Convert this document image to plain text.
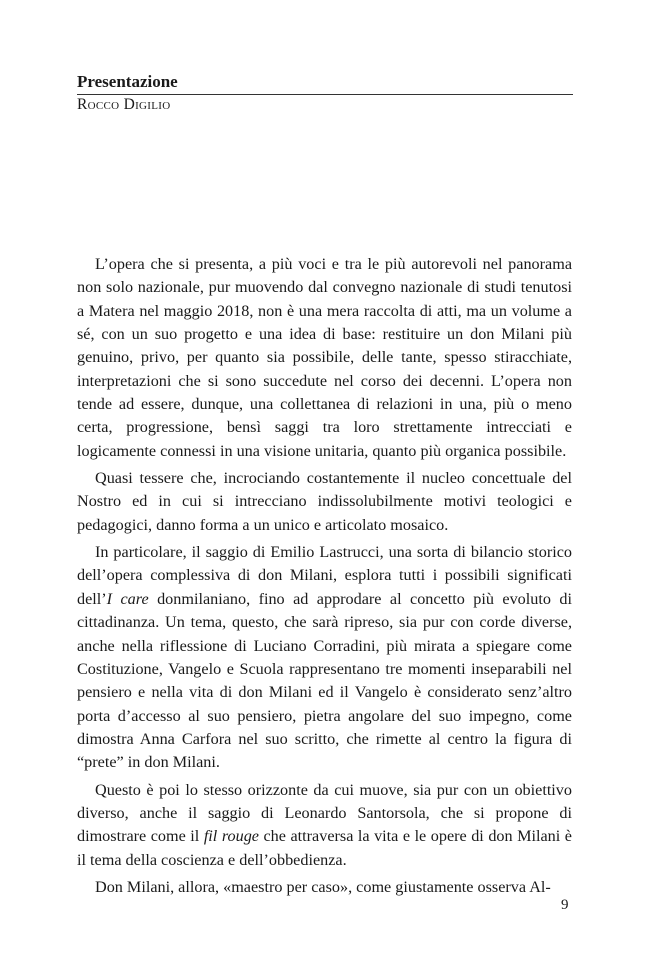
Presentazione
Rocco Digilio

L’opera che si presenta, a più voci e tra le più autorevoli nel panorama non solo nazionale, pur muovendo dal convegno nazionale di studi tenutosi a Matera nel maggio 2018, non è una mera raccolta di atti, ma un volume a sé, con un suo progetto e una idea di base: restituire un don Milani più genuino, privo, per quanto sia possibile, delle tante, spesso stiracchiate, interpretazioni che si sono succedute nel corso dei decenni. L’opera non tende ad essere, dunque, una collettanea di relazioni in una, più o meno certa, progressione, bensì saggi tra loro strettamente intrecciati e logicamente connessi in una visione unitaria, quanto più organica possibile.

Quasi tessere che, incrociando costantemente il nucleo concettuale del Nostro ed in cui si intrecciano indissolubilmente motivi teologici e pedagogici, danno forma a un unico e articolato mosaico.

In particolare, il saggio di Emilio Lastrucci, una sorta di bilancio storico dell’opera complessiva di don Milani, esplora tutti i possibili significati dell’I care donmilaniano, fino ad approdare al concetto più evoluto di cittadinanza. Un tema, questo, che sarà ripreso, sia pur con corde diverse, anche nella riflessione di Luciano Corradini, più mirata a spiegare come Costituzione, Vangelo e Scuola rappresentano tre momenti inseparabili nel pensiero e nella vita di don Milani ed il Vangelo è considerato senz’altro porta d’accesso al suo pensiero, pietra angolare del suo impegno, come dimostra Anna Carfora nel suo scritto, che rimette al centro la figura di “prete” in don Milani.

Questo è poi lo stesso orizzonte da cui muove, sia pur con un obiettivo diverso, anche il saggio di Leonardo Santorsola, che si propone di dimostrare come il fil rouge che attraversa la vita e le opere di don Milani è il tema della coscienza e dell’obbedienza.

Don Milani, allora, «maestro per caso», come giustamente osserva Al-

9
